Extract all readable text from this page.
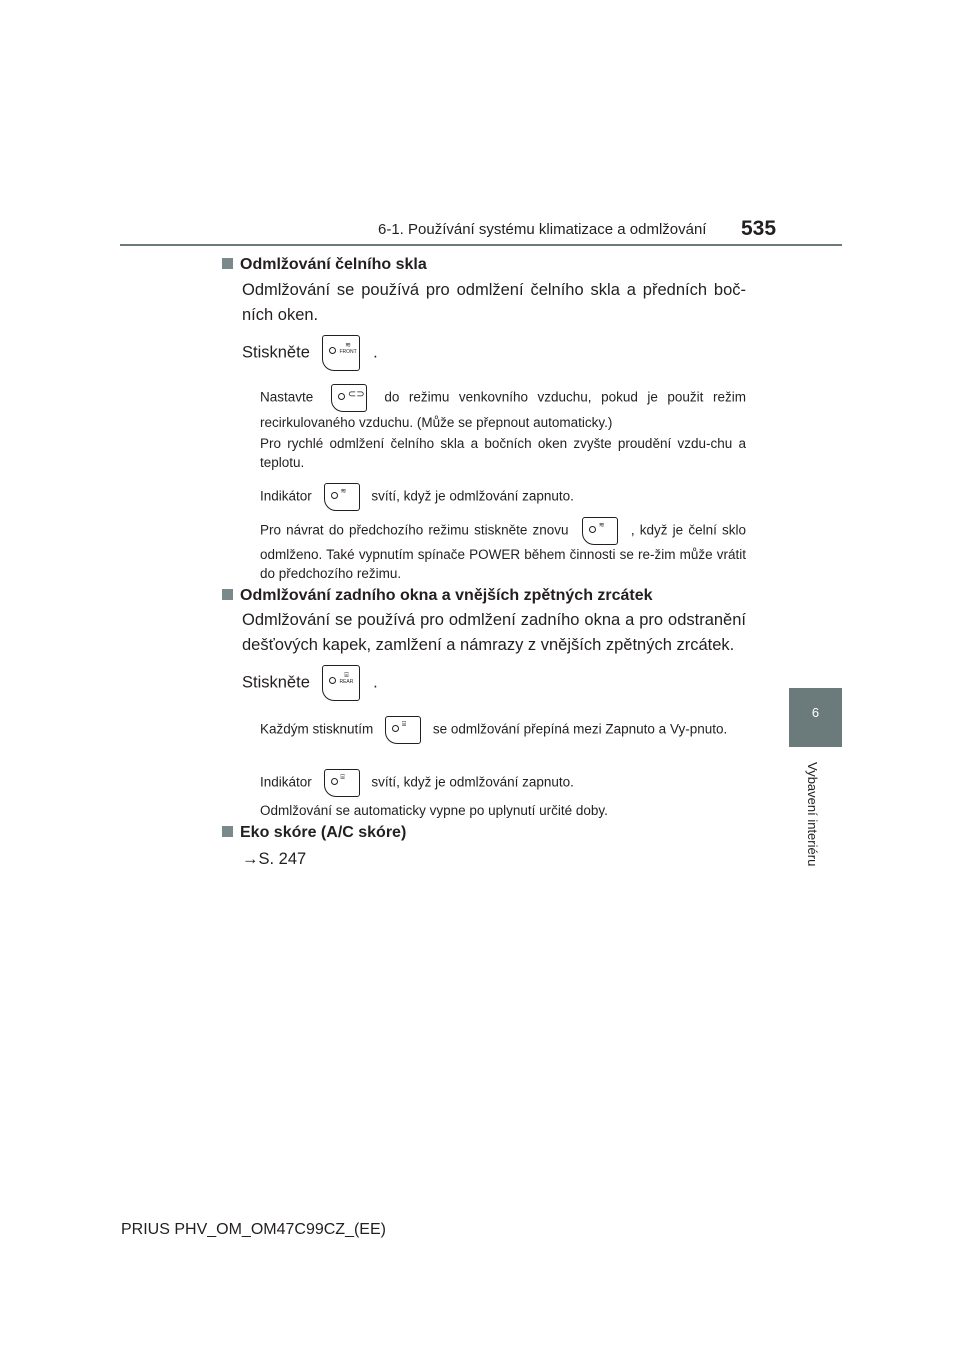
6-1. Používání systému klimatizace a odmlžování 535
6
Vybavení interiéru
Odmlžování čelního skla
Odmlžování se používá pro odmlžení čelního skla a předních boč-ních oken.
Stiskněte	≋
FRONT .
Nastavte	⊂⊃ do režimu venkovního vzduchu, pokud je použit režim recirkulovaného vzduchu. (Může se přepnout automaticky.)
Pro rychlé odmlžení čelního skla a bočních oken zvyšte proudění vzdu-chu a teplotu.
Indikátor	≋ svítí, když je odmlžování zapnuto.
Pro návrat do předchozího režimu stiskněte znovu	≋ , když je čelní sklo odmlženo. Také vypnutím spínače POWER během činnosti se re-žim může vrátit do předchozího režimu.
Odmlžování zadního okna a vnějších zpětných zrcátek
Odmlžování se používá pro odmlžení zadního okna a pro odstranění dešťových kapek, zamlžení a námrazy z vnějších zpětných zrcátek.
Stiskněte	⌸
REAR .
Každým stisknutím	⌸ se odmlžování přepíná mezi Zapnuto a Vy-pnuto.
Indikátor	⌸ svítí, když je odmlžování zapnuto.
Odmlžování se automaticky vypne po uplynutí určité doby.
Eko skóre (A/C skóre)
→S. 247
PRIUS PHV_OM_OM47C99CZ_(EE)
